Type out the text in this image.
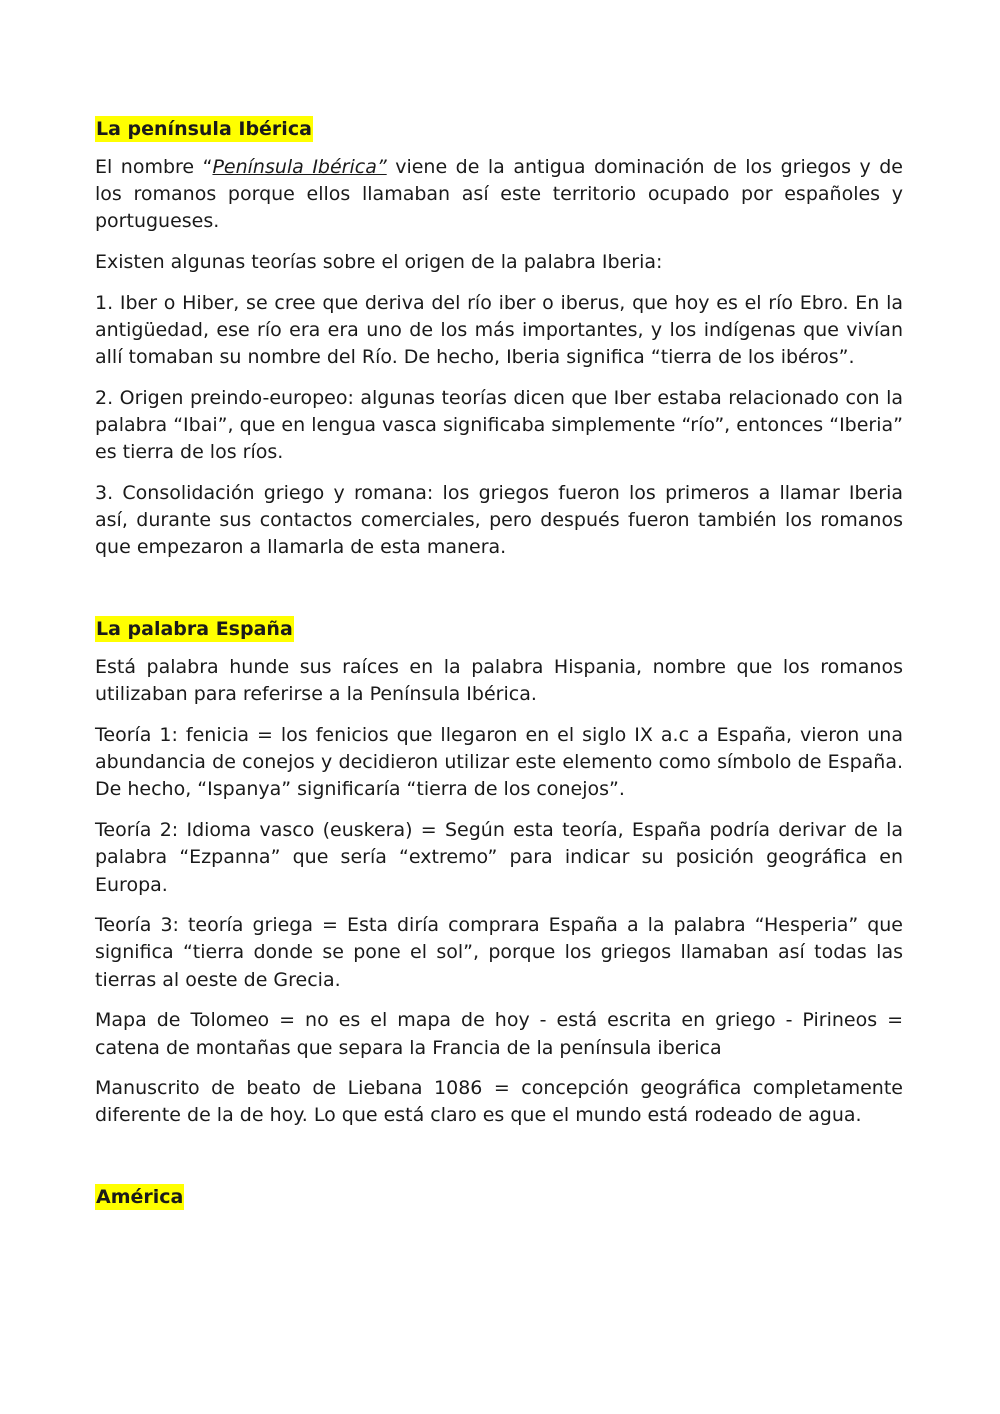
La península Ibérica

El nombre “Península Ibérica” viene de la antigua dominación de los griegos y de los romanos porque ellos llamaban así este territorio ocupado por españoles y portugueses.

Existen algunas teorías sobre el origen de la palabra Iberia:

1. Iber o Hiber, se cree que deriva del río iber o iberus, que hoy es el río Ebro. En la antigüedad, ese río era era uno de los más importantes, y los indígenas que vivían allí tomaban su nombre del Río. De hecho, Iberia significa “tierra de los ibéros”.

2. Origen preindo-europeo: algunas teorías dicen que Iber estaba relacionado con la palabra “Ibai”, que en lengua vasca significaba simplemente “río”, entonces “Iberia” es tierra de los ríos.

3. Consolidación griego y romana: los griegos fueron los primeros a llamar Iberia así, durante sus contactos comerciales, pero después fueron también los romanos que empezaron a llamarla de esta manera.

La palabra España

Está palabra hunde sus raíces en la palabra Hispania, nombre que los romanos utilizaban para referirse a la Península Ibérica.

Teoría 1: fenicia = los fenicios que llegaron en el siglo IX a.c a España, vieron una abundancia de conejos y decidieron utilizar este elemento como símbolo de España. De hecho, “Ispanya” significaría “tierra de los conejos”.

Teoría 2: Idioma vasco (euskera) = Según esta teoría, España podría derivar de la palabra “Ezpanna” que sería “extremo” para indicar su posición geográfica en Europa.

Teoría 3: teoría griega = Esta diría comprara España a la palabra “Hesperia” que significa “tierra donde se pone el sol”, porque los griegos llamaban así todas las tierras al oeste de Grecia.

Mapa de Tolomeo = no es el mapa de hoy - está escrita en griego - Pirineos = catena de montañas que separa la Francia de la península iberica

Manuscrito de beato de Liebana 1086 = concepción geográfica completamente diferente de la de hoy. Lo que está claro es que el mundo está rodeado de agua.

América
